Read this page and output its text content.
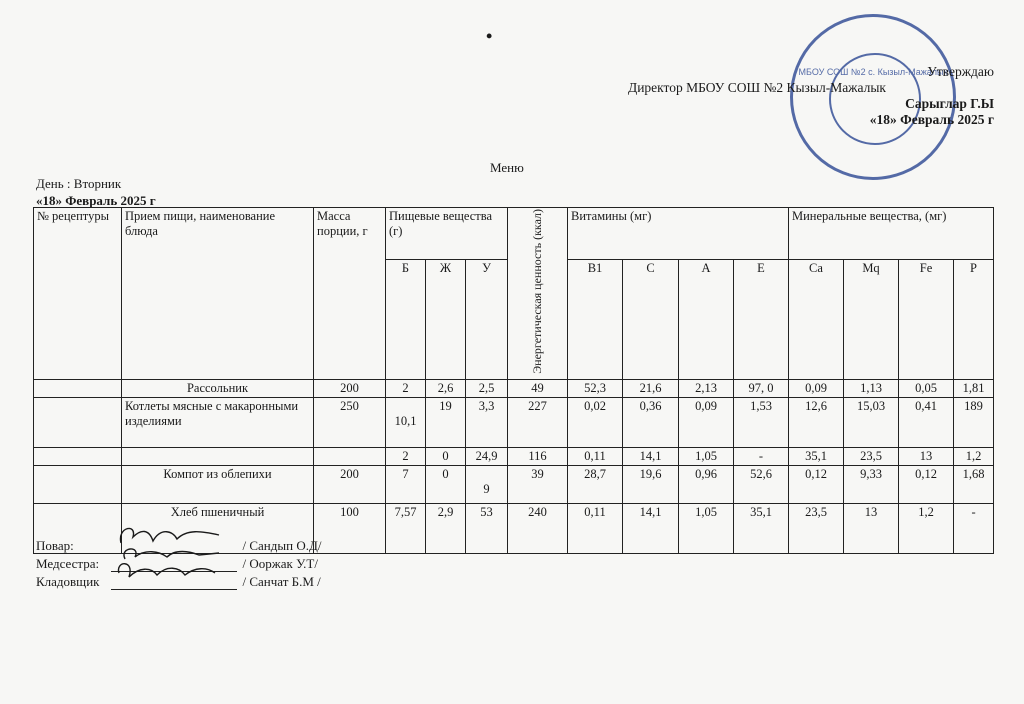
•
МБОУ СОШ №2 с. Кызыл-Мажалык
Утверждаю
Директор МБОУ СОШ №2 Кызыл-Мажалык
Сарыглар Г.Ы
«18» Февраль 2025 г
Меню
День : Вторник
«18» Февраль 2025 г
№ рецептуры	Прием пищи, наименование блюда	Масса порции, г	Пищевые вещества (г)			Энергетическая ценность (ккал)	Витамины (мг)				Минеральные вещества, (мг)			
			Б	Ж	У		В1	С	А	Е	Ca	Mq	Fe	P
	Рассольник	200	2	2,6	2,5	49	52,3	21,6	2,13	97, 0	0,09	1,13	0,05	1,81
	Котлеты мясные с макаронными изделиями	250	10,1	19	3,3	227	0,02	0,36	0,09	1,53	12,6	15,03	0,41	189
			2	0	24,9	116	0,11	14,1	1,05	-	35,1	23,5	13	1,2
	Компот из облепихи	200	7	0	9	39	28,7	19,6	0,96	52,6	0,12	9,33	0,12	1,68
	Хлеб пшеничный	100	7,57	2,9	53	240	0,11	14,1	1,05	35,1	23,5	13	1,2	-
Повар:	/ Сандып О.Д/
Медсестра:	/ Ооржак У.Т/
Кладовщик	/ Санчат Б.М /
